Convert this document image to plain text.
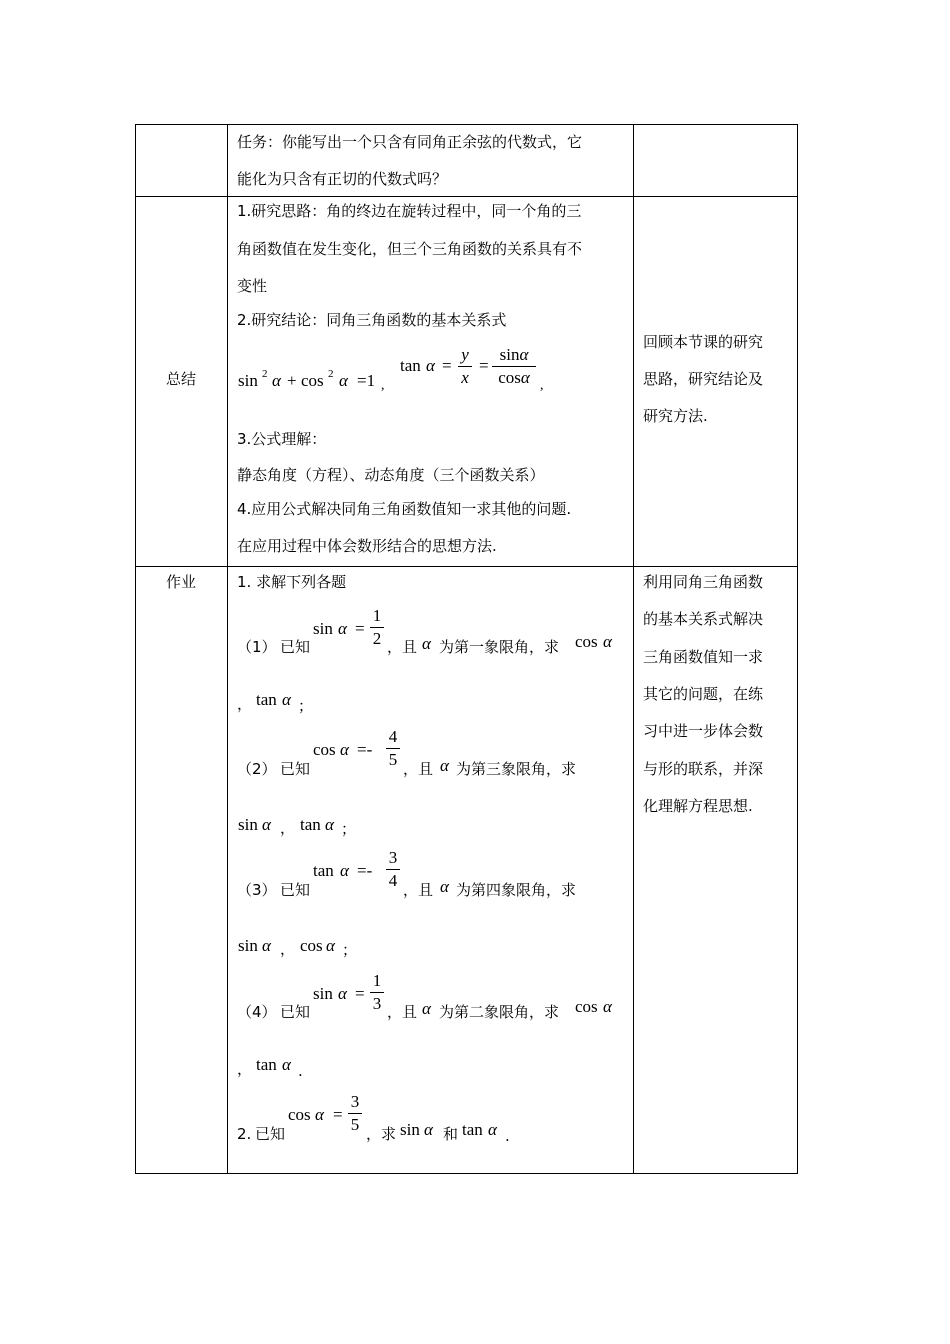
任务：你能写出一个只含有同角正余弦的代数式，它
能化为只含有正切的代数式吗？
总结
1.研究思路：角的终边在旋转过程中，同一个角的三
角函数值在发生变化，但三个三角函数的关系具有不
变性
2.研究结论：同角三角函数的基本关系式
sin 2 α + cos 2 α =1 ,
tan α =
y
x
=
sinα
cosα ,
3.公式理解：
静态角度（方程）、动态角度（三个函数关系）
4.应用公式解决同角三角函数值知一求其他的问题.
在应用过程中体会数形结合的思想方法.
回顾本节课的研究
思路，研究结论及
研究方法.
作业	1. 求解下列各题
（1） 已知
sin α =
1
2 ，且 α 为第一象限角，求 cos α
， tan α ；
（2） 已知
cos α =-
4
5 ，且 α 为第三象限角，求
sin α ， tan α ；
（3） 已知
tan α =-
3
4 ，且 α 为第四象限角，求
sin α ， cos α ；
（4） 已知
sin α =
1
3 ，且 α 为第二象限角，求 cos α
， tan α .
2. 已知
cos α =
3
5 ，求 sin α 和 tan α .
利用同角三角函数
的基本关系式解决
三角函数值知一求
其它的问题，在练
习中进一步体会数
与形的联系，并深
化理解方程思想.
